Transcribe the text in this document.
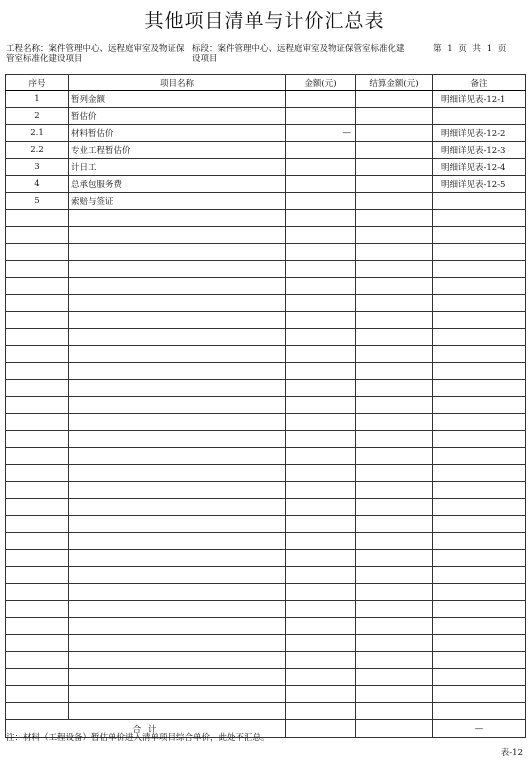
其他项目清单与计价汇总表
工程名称：案件管理中心、远程庭审室及物证保管室标准化建设项目
标段：案件管理中心、远程庭审室及物证保管室标准化建设项目
第 1 页 共 1 页
序号	项目名称	金额(元)	结算金额(元)	备注
1	暂列金额			明细详见表-12-1
2	暂估价			
2.1	材料暂估价	—		明细详见表-12-2
2.2	专业工程暂估价			明细详见表-12-3
3	计日工			明细详见表-12-4
4	总承包服务费			明细详见表-12-5
5	索赔与签证			

合 计				—
注：材料（工程设备）暂估单价进入清单项目综合单价，此处不汇总。
表-12
